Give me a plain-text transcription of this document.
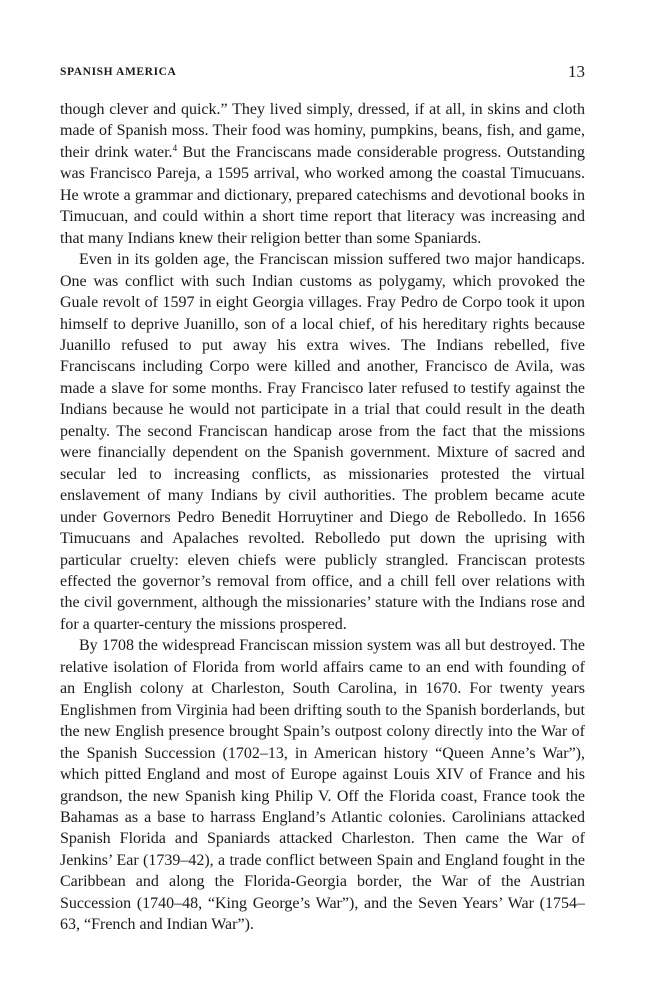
SPANISH AMERICA	13

though clever and quick.” They lived simply, dressed, if at all, in skins and cloth made of Spanish moss. Their food was hominy, pumpkins, beans, fish, and game, their drink water.$^4$ But the Franciscans made considerable progress. Outstanding was Francisco Pareja, a 1595 arrival, who worked among the coastal Timucuans. He wrote a grammar and dictionary, prepared catechisms and devotional books in Timucuan, and could within a short time report that literacy was increasing and that many Indians knew their religion better than some Spaniards.

Even in its golden age, the Franciscan mission suffered two major handicaps. One was conflict with such Indian customs as polygamy, which provoked the Guale revolt of 1597 in eight Georgia villages. Fray Pedro de Corpo took it upon himself to deprive Juanillo, son of a local chief, of his hereditary rights because Juanillo refused to put away his extra wives. The Indians rebelled, five Franciscans including Corpo were killed and another, Francisco de Avila, was made a slave for some months. Fray Francisco later refused to testify against the Indians because he would not participate in a trial that could result in the death penalty. The second Franciscan handicap arose from the fact that the missions were financially dependent on the Spanish government. Mixture of sacred and secular led to increasing conflicts, as missionaries protested the virtual enslavement of many Indians by civil authorities. The problem became acute under Governors Pedro Benedit Horruytiner and Diego de Rebolledo. In 1656 Timucuans and Apalaches revolted. Rebolledo put down the uprising with particular cruelty: eleven chiefs were publicly strangled. Franciscan protests effected the governor’s removal from office, and a chill fell over relations with the civil government, although the missionaries’ stature with the Indians rose and for a quarter-century the missions prospered.

By 1708 the widespread Franciscan mission system was all but destroyed. The relative isolation of Florida from world affairs came to an end with founding of an English colony at Charleston, South Carolina, in 1670. For twenty years Englishmen from Virginia had been drifting south to the Spanish borderlands, but the new English presence brought Spain’s outpost colony directly into the War of the Spanish Succession (1702–13, in American history “Queen Anne’s War”), which pitted England and most of Europe against Louis XIV of France and his grandson, the new Spanish king Philip V. Off the Florida coast, France took the Bahamas as a base to harrass England’s Atlantic colonies. Carolinians attacked Spanish Florida and Spaniards attacked Charleston. Then came the War of Jenkins’ Ear (1739–42), a trade conflict between Spain and England fought in the Caribbean and along the Florida-Georgia border, the War of the Austrian Succession (1740–48, “King George’s War”), and the Seven Years’ War (1754–63, “French and Indian War”).
